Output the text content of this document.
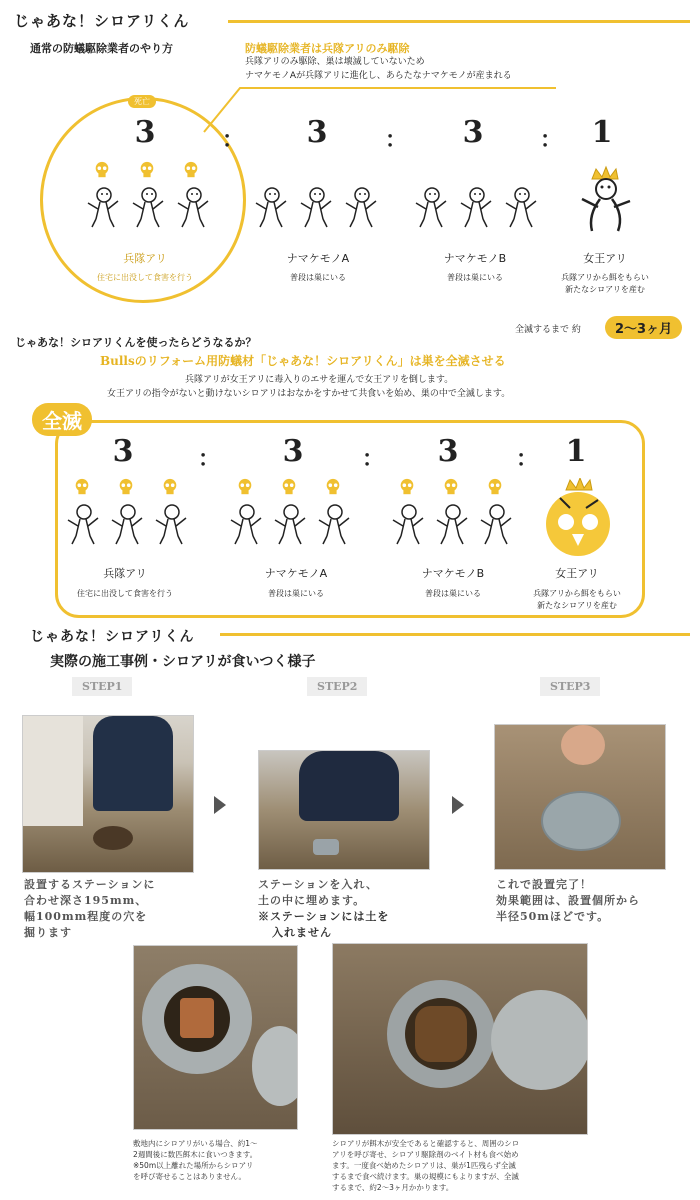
じゃあな！シロアリくん
通常の防蟻駆除業者のやり方	防蟻駆除業者は兵隊アリのみ駆除
兵隊アリのみ駆除、巣は壊滅していないため
ナマケモノAが兵隊アリに進化し、あらたなナマケモノが産まれる
死亡
3	：	3	：	3	： 1
兵隊アリ
住宅に出没して食害を行う
ナマケモノA
普段は巣にいる
ナマケモノB
普段は巣にいる
女王アリ
兵隊アリから餌をもらい
新たなシロアリを産む
全滅するまで 約	2〜3ヶ月
じゃあな！シロアリくんを使ったらどうなるか？
Bullsのリフォーム用防蟻材「じゃあな！シロアリくん」は巣を全滅させる
兵隊アリが女王アリに毒入りのエサを運んで女王アリを倒します。
女王アリの指令がないと動けないシロアリはおなかをすかせて共食いを始め、巣の中で全滅します。
全滅
3	：	3	：	3	： 1
兵隊アリ
住宅に出没して食害を行う
ナマケモノA
普段は巣にいる
ナマケモノB
普段は巣にいる
女王アリ
兵隊アリから餌をもらい
新たなシロアリを産む
じゃあな！シロアリくん
実際の施工事例・シロアリが食いつく様子
STEP1	STEP2	STEP3
設置するステーションに
合わせ深さ195mm、
幅100mm程度の穴を
掘ります
ステーションを入れ、
土の中に埋めます。
※ステーションには土を
入れません
これで設置完了！
効果範囲は、設置個所から
半径50mほどです。
敷地内にシロアリがいる場合、約1〜
2週間後に数匹餌木に食いつきます。
※50m以上離れた場所からシロアリ
を呼び寄せることはありません。
シロアリが餌木が安全であると確認すると、周囲のシロ
アリを呼び寄せ、シロアリ駆除剤のベイト材も食べ始め
ます。一度食べ始めたシロアリは、巣が1匹残らず全滅
するまで食べ続けます。巣の規模にもよりますが、全滅
するまで、約2〜3ヶ月かかります。
